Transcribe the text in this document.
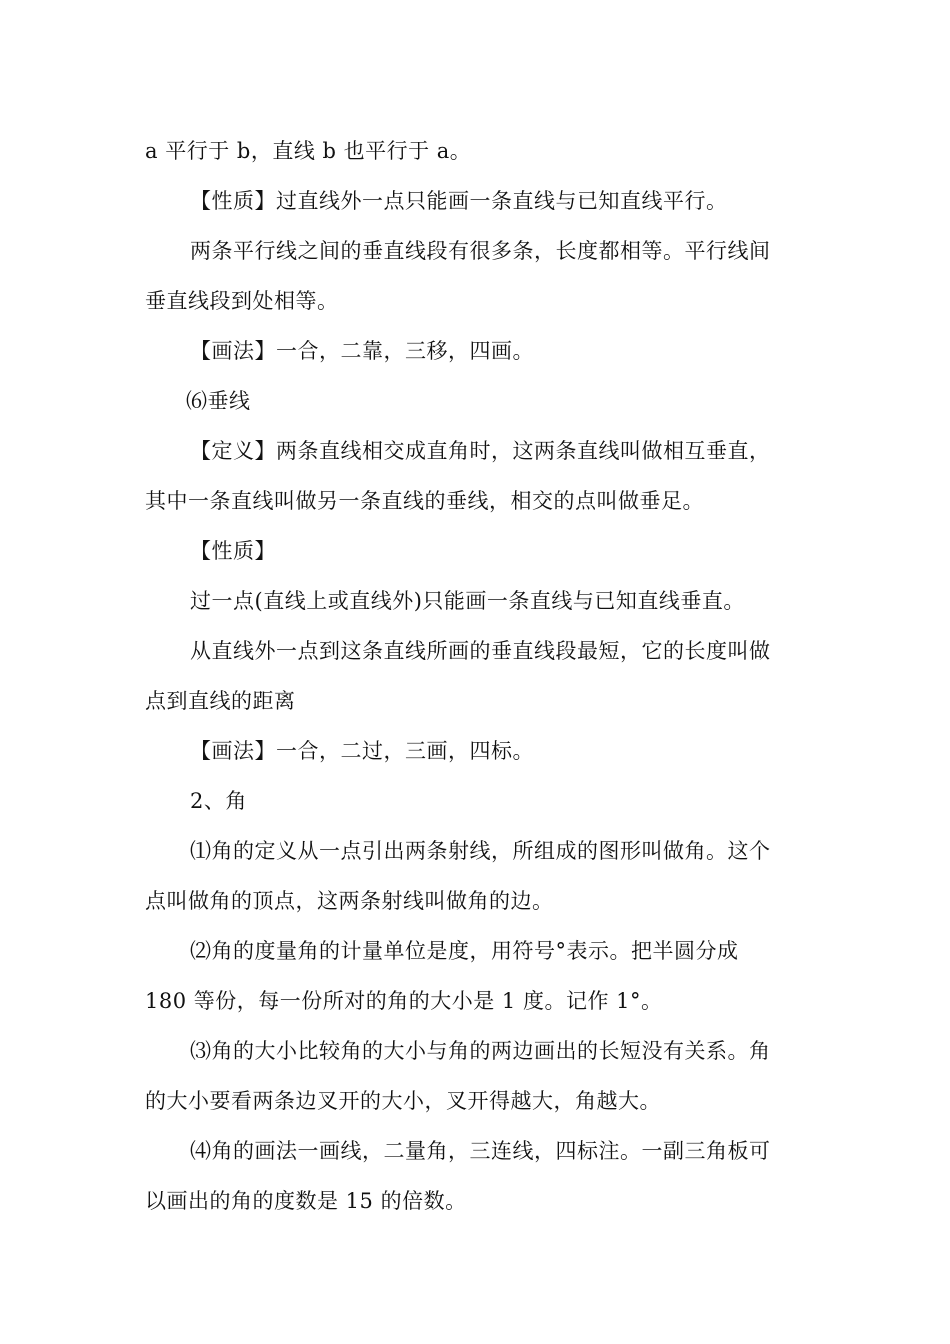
a 平行于 b，直线 b 也平行于 a。
【性质】过直线外一点只能画一条直线与已知直线平行。
两条平行线之间的垂直线段有很多条，长度都相等。平行线间
垂直线段到处相等。
【画法】一合，二靠，三移，四画。
⑹垂线
【定义】两条直线相交成直角时，这两条直线叫做相互垂直，
其中一条直线叫做另一条直线的垂线，相交的点叫做垂足。
【性质】
过一点(直线上或直线外)只能画一条直线与已知直线垂直。
从直线外一点到这条直线所画的垂直线段最短，它的长度叫做
点到直线的距离
【画法】一合，二过，三画，四标。
2、角
⑴角的定义从一点引出两条射线，所组成的图形叫做角。这个
点叫做角的顶点，这两条射线叫做角的边。
⑵角的度量角的计量单位是度，用符号°表示。把半圆分成
180 等份，每一份所对的角的大小是 1 度。记作 1°。
⑶角的大小比较角的大小与角的两边画出的长短没有关系。角
的大小要看两条边叉开的大小，叉开得越大，角越大。
⑷角的画法一画线，二量角，三连线，四标注。一副三角板可
以画出的角的度数是 15 的倍数。
